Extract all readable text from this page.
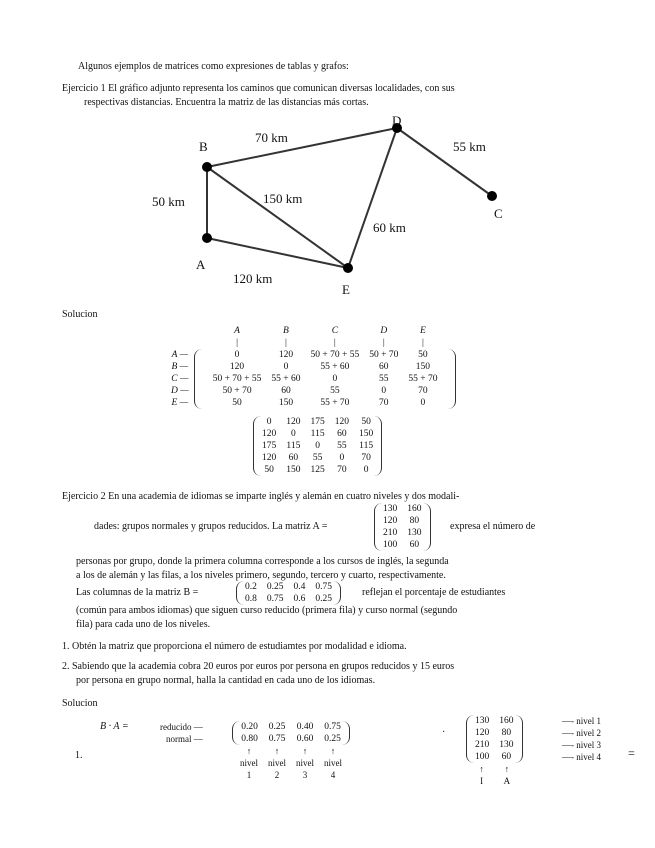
Algunos ejemplos de matrices como expresiones de tablas y grafos:
Ejercicio 1 El gráfico adjunto representa los caminos que comunican diversas localidades, con sus
respectivas distancias. Encuentra la matriz de las distancias más cortas.
B
D
C
A
E
70 km
55 km
50 km	150 km
60 km
120 km
Solucion
		A	B	C	D	E	
		|	|	|	|	|	
A —		0	120	50 + 70 + 55	50 + 70	50	
B —		120	0	55 + 60	60	150	
C —		50 + 70 + 55	55 + 60	0	55	55 + 70	
D —		50 + 70	60	55	0	70	
E —		50	150	55 + 70	70	0	
0	120	175	120	50
120	0	115	60	150
175	115	0	55	115
120	60	55	0	70
50	150	125	70	0
Ejercicio 2 En una academia de idiomas se imparte inglés y alemán en cuatro niveles y dos modali-
dades: grupos normales y grupos reducidos. La matriz A =
130	160
120	80
210	130
100	60
expresa el número de
personas por grupo, donde la primera columna corresponde a los cursos de inglés, la segunda
a los de alemán y las filas, a los niveles primero, segundo, tercero y cuarto, respectivamente.
Las columnas de la matriz B =	0.2	0.25	0.4	0.75
0.8	0.75	0.6	0.25
reflejan el porcentaje de estudiantes
(común para ambos idiomas) que siguen curso reducido (primera fila) y curso normal (segundo
fila) para cada uno de los niveles.
1. Obtén la matriz que proporciona el número de estudiamtes por modalidad e idioma.
2. Sabiendo que la academia cobra 20 euros por euros por persona en grupos reducidos y 15 euros
por persona en grupo normal, halla la cantidad en cada uno de los idiomas.
Solucion
1.
B · A =	reducido —
normal —
0.20	0.25	0.40	0.75
0.80	0.75	0.60	0.25
↑	↑	↑	↑
nivel	nivel	nivel	nivel
1	2	3	4
·
130	160
120	80
210	130
100	60
↑	↑
I	A
—- nivel 1
—- nivel 2
—- nivel 3
—- nivel 4 =
